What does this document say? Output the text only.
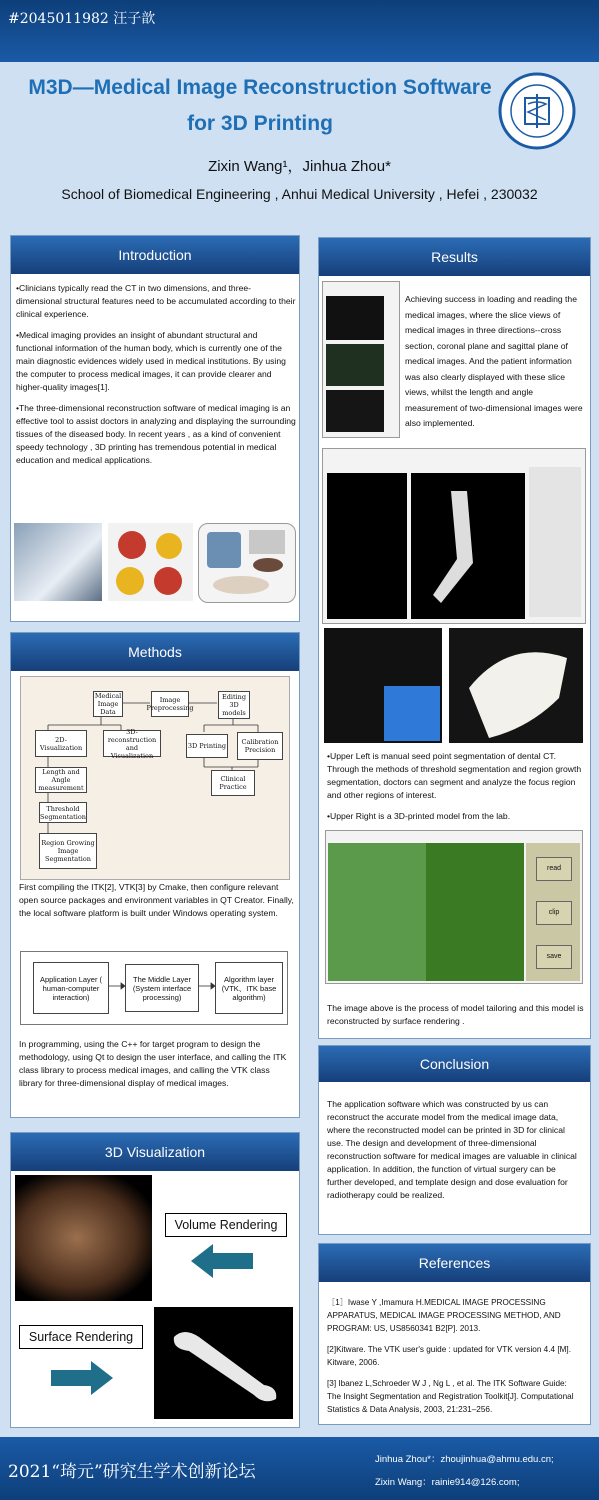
#2045011982 汪子歆
M3D—Medical Image Reconstruction Software
for 3D Printing
Zixin Wang¹，Jinhua Zhou*
School of Biomedical Engineering , Anhui Medical University , Hefei , 230032
Introduction

• Clinicians typically read the CT in two dimensions, and three-dimensional structural features need to be accumulated according to their clinical experience.

• Medical imaging provides an insight of abundant structural and functional information of the human body, which is currently one of the main diagnostic evidences widely used in medical institutions. By using the computer to process medical images, it can provide clearer and higher-quality images[1].

• The three-dimensional reconstruction software of medical imaging is an effective tool to assist doctors in analyzing and displaying the surrounding tissues of the diseased body. In recent years , as a kind of convenient speedy technology , 3D printing has tremendous potential in medical education and medical applications.

Methods
Medical Image Data
Image Preprocessing
Editing 3D models
2D-Visualization
3D-reconstruction and Visualization
3D Printing	Calibration Precision
Length and Angle measurement
Clinical Practice
Threshold Segmentation
Region Growing Image Segmentation
First compiling the ITK[2], VTK[3] by Cmake, then configure relevant open source packages and environment variables in QT Creator. Finally, the local software platform is built under Windows operating system.
Application Layer ( human-computer interaction)
The Middle Layer (System interface processing)
Algorithm layer (VTK、ITK base algorithm)
In programming, using the C++ for target program to design the methodology, using Qt to design the user interface, and calling the ITK class library to process medical images, and calling the VTK class library for three-dimensional display of medical images.
3D Visualization
Volume Rendering
Surface Rendering
Results
Achieving success in loading and reading the medical images, where the slice views of medical images in three directions--cross section, coronal plane and sagittal plane of medical images. And the patient information was also clearly displayed with these slice views, whilst the length and angle measurement of two-dimensional images were also implemented.

• Upper Left is manual seed point segmentation of dental CT. Through the methods of threshold segmentation and region growth segmentation, doctors can segment and analyze the focus region and other regions of interest.

• Upper Right is a 3D-printed model from the lab.

read
clip
save
The image above is the process of model tailoring and this model is reconstructed by surface rendering .
Conclusion
The application software which was constructed by us can reconstruct the accurate model from the medical image data, where the reconstructed model can be printed in 3D for clinical use. The design and development of three-dimensional reconstruction software for medical images are valuable in clinical application. In addition, the function of virtual surgery can be further developed, and template design and dose evaluation for radiotherapy could be realized.
References

［1］Iwase Y ,Imamura H.MEDICAL IMAGE PROCESSING APPARATUS, MEDICAL IMAGE PROCESSING METHOD, AND PROGRAM: US, US8560341 B2[P]. 2013.

[2]Kitware. The VTK user's guide : updated for VTK version 4.4 [M]. Kitware, 2006.

[3] Ibanez L,Schroeder W J , Ng L , et al. The ITK Software Guide: The Insight Segmentation and Registration Toolkit[J]. Computational Statistics & Data Analysis, 2003, 21:231–256.

2021“琦元”研究生学术创新论坛
Jinhua Zhou*：zhoujinhua@ahmu.edu.cn;
Zixin Wang：rainie914@126.com;
